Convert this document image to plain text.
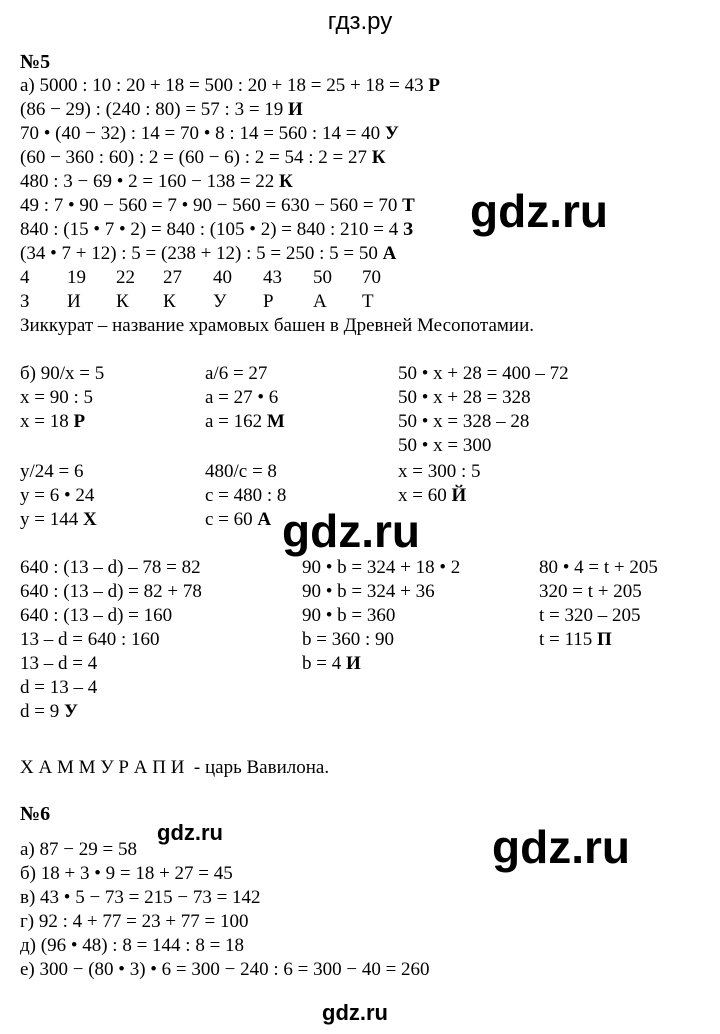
гдз.ру
№5
а) 5000 : 10 : 20 + 18 = 500 : 20 + 18 = 25 + 18 = 43 Р
(86 − 29) : (240 : 80) = 57 : 3 = 19 И
70 • (40 − 32) : 14 = 70 • 8 : 14 = 560 : 14 = 40 У
(60 − 360 : 60) : 2 = (60 − 6) : 2 = 54 : 2 = 27 К
480 : 3 − 69 • 2 = 160 − 138 = 22 К
49 : 7 • 90 − 560 = 7 • 90 − 560 = 630 − 560 = 70 Т
840 : (15 • 7 • 2) = 840 : (105 • 2) = 840 : 210 = 4 З
(34 • 7 + 12) : 5 = (238 + 12) : 5 = 250 : 5 = 50 А
4 19 22 27 40 43 50 70
З И К К У Р А Т
Зиккурат – название храмовых башен в Древней Месопотамии.
б) 90/x = 5
x = 90 : 5
x = 18 Р
y/24 = 6
y = 6 • 24
y = 144 Х
a/6 = 27
a = 27 • 6
a = 162 М
480/c = 8
c = 480 : 8
c = 60 А
50 • x + 28 = 400 – 72
50 • x + 28 = 328
50 • x = 328 – 28
50 • x = 300
x = 300 : 5
x = 60 Й
640 : (13 – d) – 78 = 82
640 : (13 – d) = 82 + 78
640 : (13 – d) = 160
13 – d = 640 : 160
13 – d = 4
d = 13 – 4
d = 9 У
90 • b = 324 + 18 • 2
90 • b = 324 + 36
90 • b = 360
b = 360 : 90
b = 4 И
80 • 4 = t + 205
320 = t + 205
t = 320 – 205
t = 115 П
Х А М М У Р А П И  - царь Вавилона.
№6
а) 87 − 29 = 58
б) 18 + 3 • 9 = 18 + 27 = 45
в) 43 • 5 − 73 = 215 − 73 = 142
г) 92 : 4 + 77 = 23 + 77 = 100
д) (96 • 48) : 8 = 144 : 8 = 18
е) 300 − (80 • 3) • 6 = 300 − 240 : 6 = 300 − 40 = 260
gdz.ru
gdz.ru
gdz.ru	gdz.ru
gdz.ru
